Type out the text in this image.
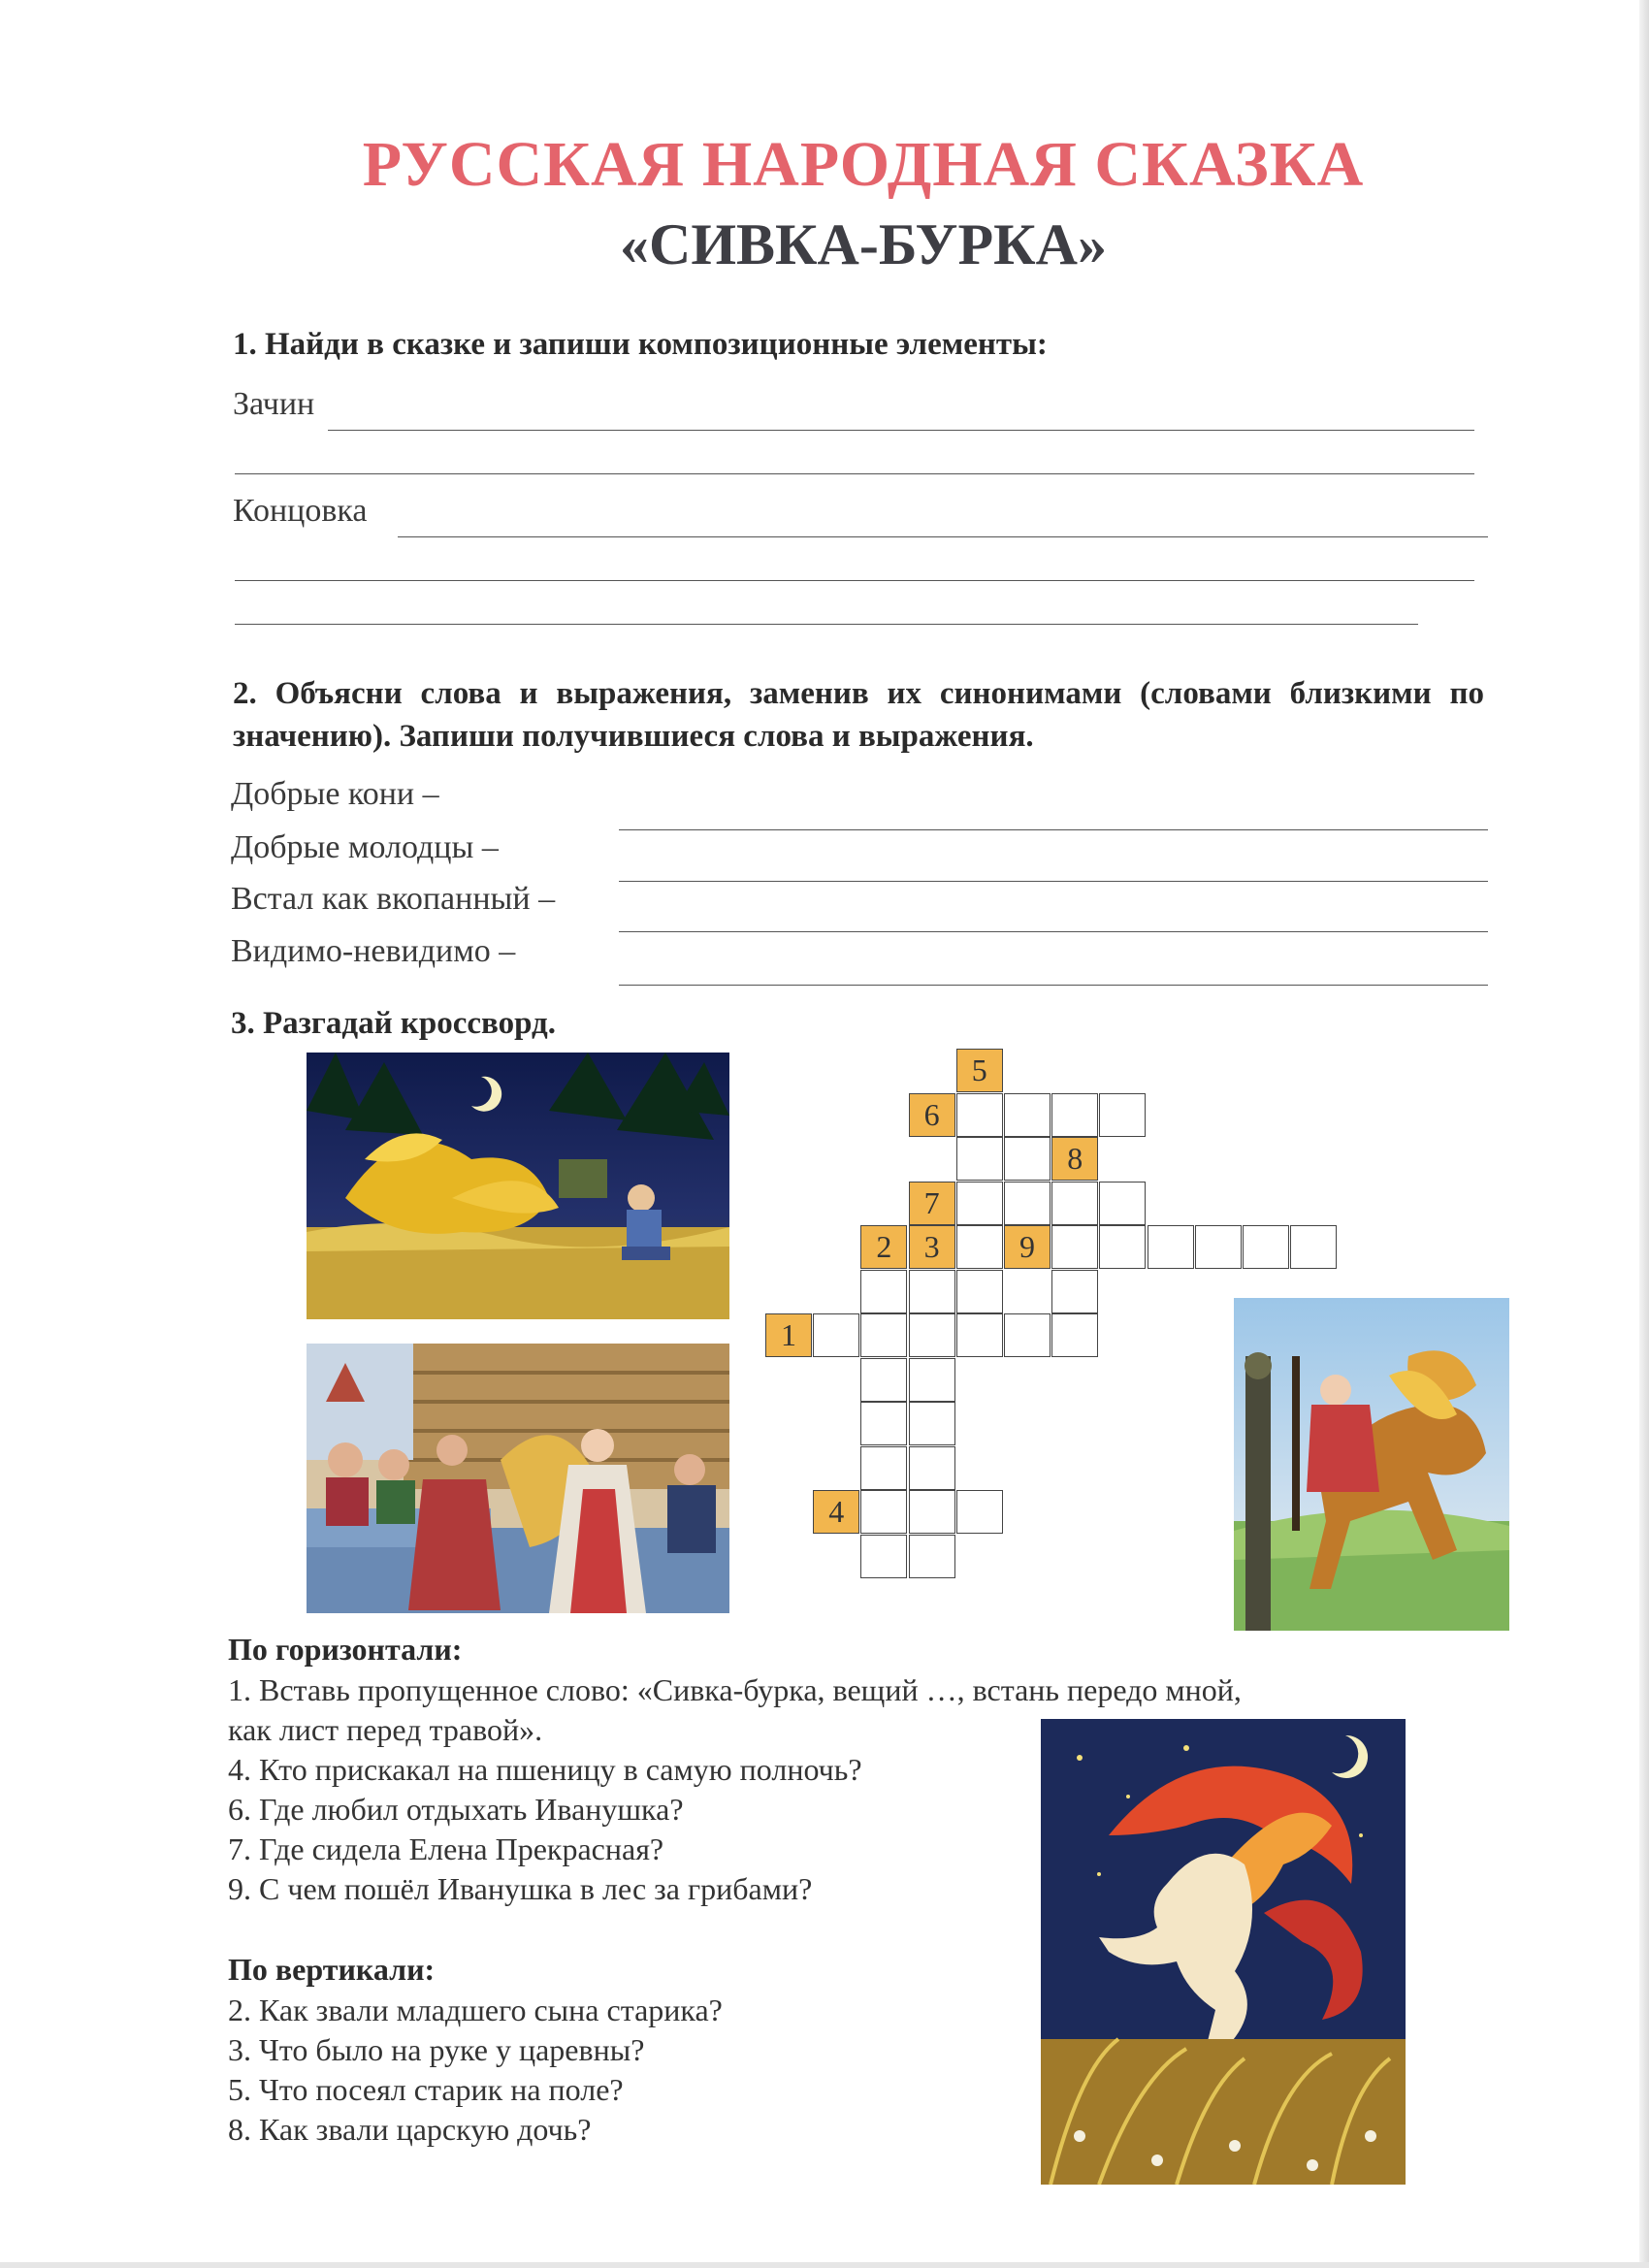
РУССКАЯ НАРОДНАЯ СКАЗКА
«СИВКА-БУРКА»
1. Найди в сказке и запиши композиционные элементы:
Зачин
Концовка
2. Объясни слова и выражения, заменив их синонимами (словами близкими по значению). Запиши получившиеся слова и выражения.
Добрые кони –
Добрые молодцы –
Встал как вкопанный –
Видимо-невидимо –
3. Разгадай кроссворд.
1
2	3
4
5
6
7
8
9
По горизонтали:
1. Вставь пропущенное слово: «Сивка-бурка, вещий …, встань передо мной,
как лист перед травой».
4. Кто прискакал на пшеницу в самую полночь?
6. Где любил отдыхать Иванушка?
7. Где сидела Елена Прекрасная?
9. С чем пошёл Иванушка в лес за грибами?
По вертикали:
2. Как звали младшего сына старика?
3. Что было на руке у царевны?
5. Что посеял старик на поле?
8. Как звали царскую дочь?
